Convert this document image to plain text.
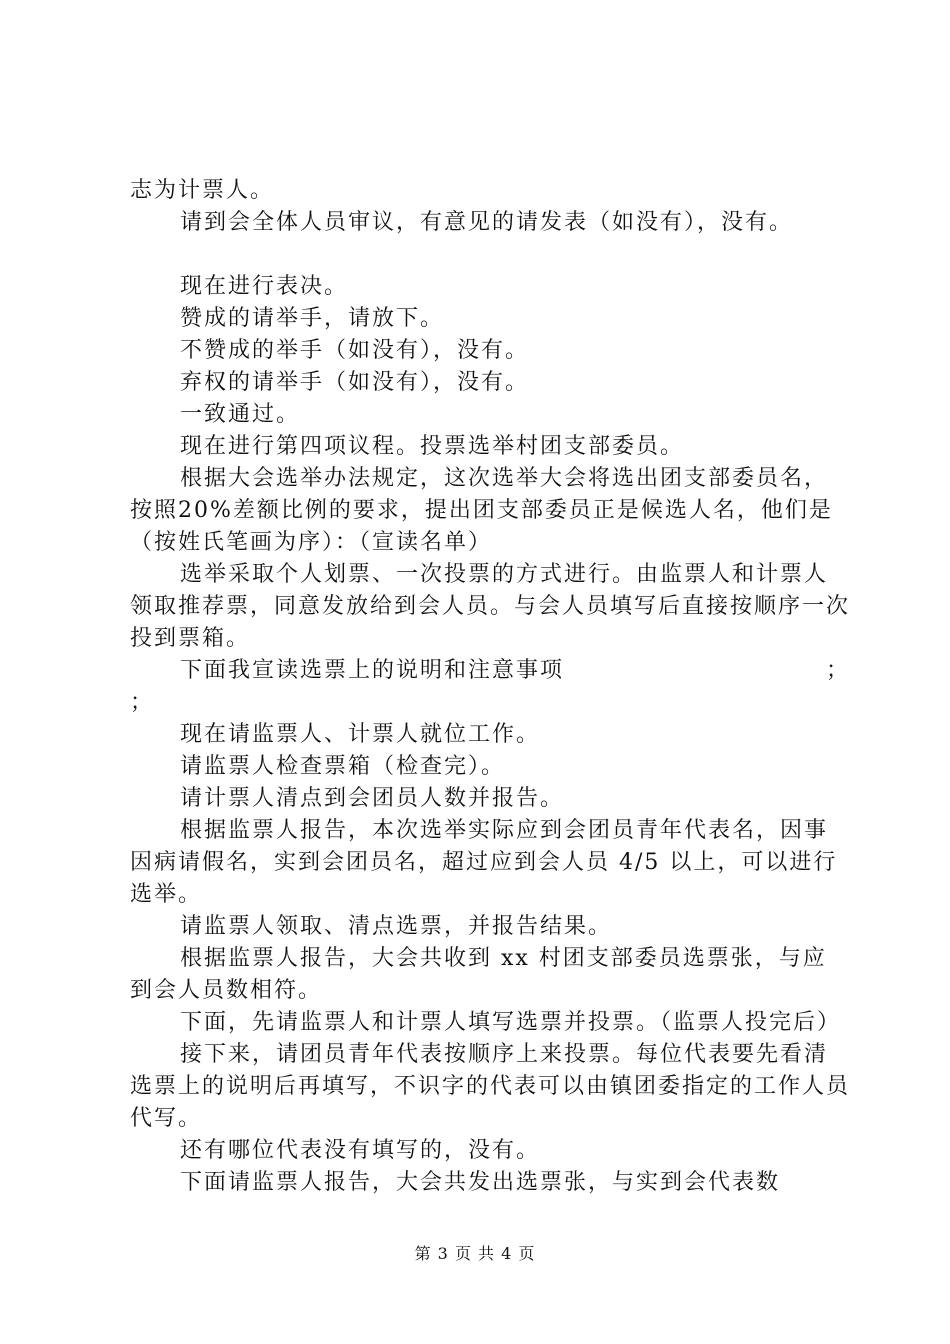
志为计票人。

请到会全体人员审议，有意见的请发表（如没有），没有。

现在进行表决。

赞成的请举手，请放下。

不赞成的举手（如没有），没有。

弃权的请举手（如没有），没有。

一致通过。

现在进行第四项议程。投票选举村团支部委员。

根据大会选举办法规定，这次选举大会将选出团支部委员名，按照20%差额比例的要求，提出团支部委员正是候选人名，他们是（按姓氏笔画为序）：（宣读名单）

选举采取个人划票、一次投票的方式进行。由监票人和计票人领取推荐票，同意发放给到会人员。与会人员填写后直接按顺序一次投到票箱。

下面我宣读选票上的说明和注意事项	；

；

现在请监票人、计票人就位工作。

请监票人检查票箱（检查完）。

请计票人清点到会团员人数并报告。

根据监票人报告，本次选举实际应到会团员青年代表名，因事因病请假名，实到会团员名，超过应到会人员 4/5 以上，可以进行选举。

请监票人领取、清点选票，并报告结果。

根据监票人报告，大会共收到 xx 村团支部委员选票张，与应到会人员数相符。

下面，先请监票人和计票人填写选票并投票。（监票人投完后）

接下来，请团员青年代表按顺序上来投票。每位代表要先看清选票上的说明后再填写，不识字的代表可以由镇团委指定的工作人员代写。

还有哪位代表没有填写的，没有。

下面请监票人报告，大会共发出选票张，与实到会代表数

第 3 页 共 4 页
